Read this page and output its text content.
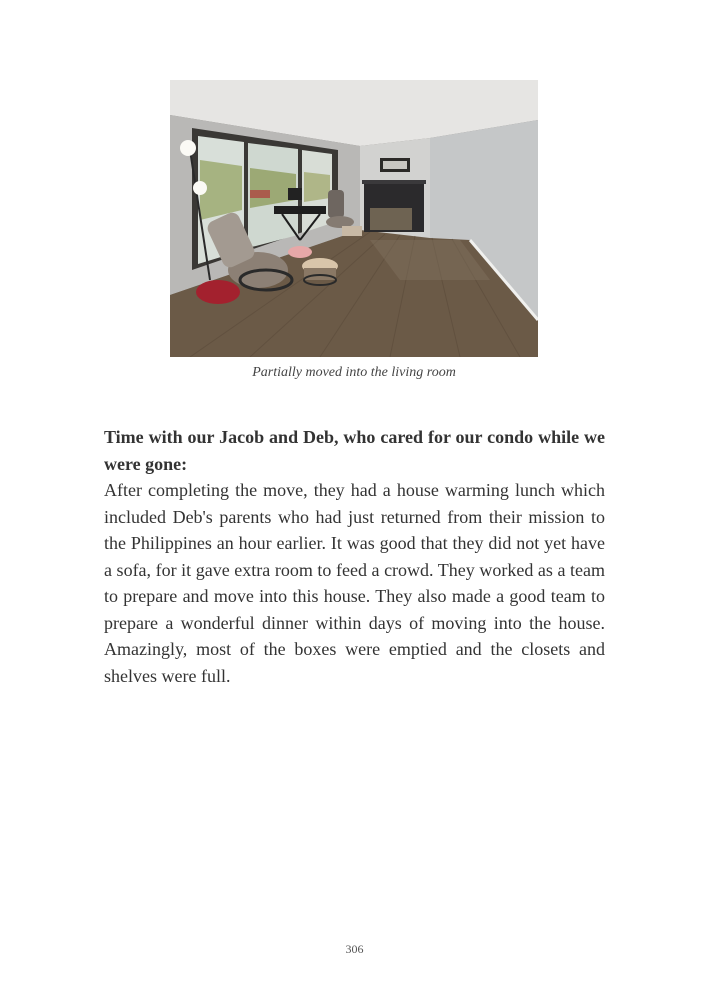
Partially moved into the living room

Time with our Jacob and Deb, who cared for our condo while we were gone:

After completing the move, they had a house warming lunch which included Deb's parents who had just returned from their mission to the Philippines an hour earlier. It was good that they did not yet have a sofa, for it gave extra room to feed a crowd. They worked as a team to prepare and move into this house. They also made a good team to prepare a wonderful dinner within days of moving into the house. Amazingly, most of the boxes were emptied and the closets and shelves were full.

306
